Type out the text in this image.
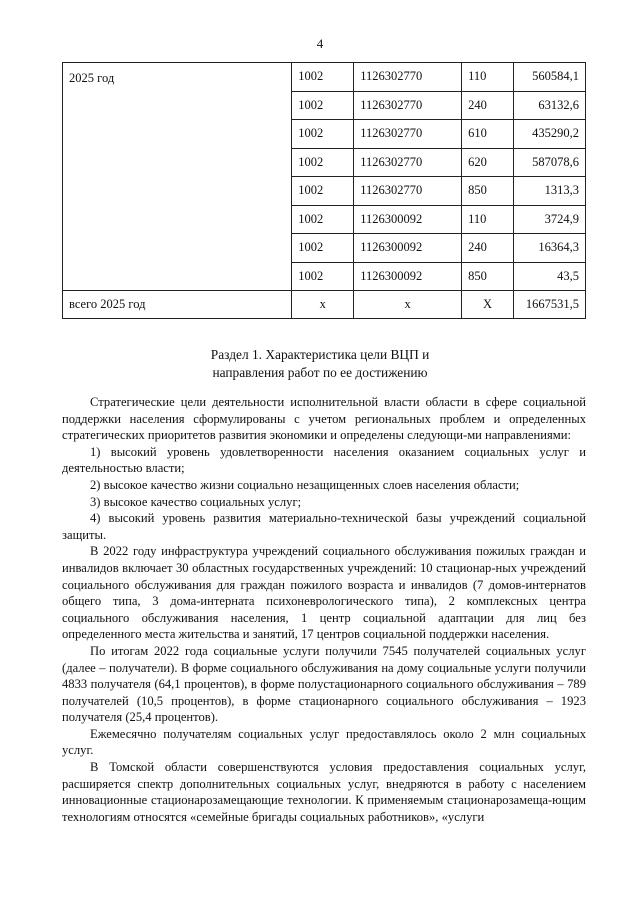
4
2025 год	1002	1126302770	110	560584,1
	1002	1126302770	240	63132,6
	1002	1126302770	610	435290,2
	1002	1126302770	620	587078,6
	1002	1126302770	850	1313,3
	1002	1126300092	110	3724,9
	1002	1126300092	240	16364,3
	1002	1126300092	850	43,5
всего 2025 год	х	х	Х	1667531,5
Раздел 1. Характеристика цели ВЦП и
направления работ по ее достижению

Стратегические цели деятельности исполнительной власти области в сфере социальной поддержки населения сформулированы с учетом региональных проблем и определенных стратегических приоритетов развития экономики и определены следующи-ми направлениями:

1) высокий уровень удовлетворенности населения оказанием социальных услуг и деятельностью власти;

2) высокое качество жизни социально незащищенных слоев населения области;

3) высокое качество социальных услуг;

4) высокий уровень развития материально-технической базы учреждений социальной защиты.

В 2022 году инфраструктура учреждений социального обслуживания пожилых граждан и инвалидов включает 30 областных государственных учреждений: 10 стационар-ных учреждений социального обслуживания для граждан пожилого возраста и инвалидов (7 домов-интернатов общего типа, 3 дома-интерната психоневрологического типа), 2 комплексных центра социального обслуживания населения, 1 центр социальной адаптации для лиц без определенного места жительства и занятий, 17 центров социальной поддержки населения.

По итогам 2022 года социальные услуги получили 7545 получателей социальных услуг (далее – получатели). В форме социального обслуживания на дому социальные услуги получили 4833 получателя (64,1 процентов), в форме полустационарного социального обслуживания – 789 получателей (10,5 процентов), в форме стационарного социального обслуживания – 1923 получателя (25,4 процентов).

Ежемесячно получателям социальных услуг предоставлялось около 2 млн социальных услуг.

В Томской области совершенствуются условия предоставления социальных услуг, расширяется спектр дополнительных социальных услуг, внедряются в работу с населением инновационные стационарозамещающие технологии. К применяемым стационарозамеща-ющим технологиям относятся «семейные бригады социальных работников», «услуги
